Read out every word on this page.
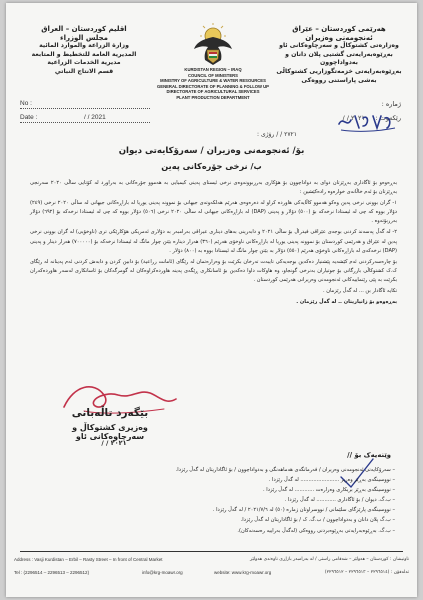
هەرێمی کوردستان – عێراق
ئەنجومەنی وەزیران
وەزارەتی کشتوکاڵ و سەرچاوەکانی ئاو
بەڕێوەبەرایەتی گشتیی پلان دانان و بەدواداچوون
بەڕێوەبەرایەتی خزمەتگوزاریی کشتوکاڵی
بەشی پاراستنی رووەکی
اقليم كوردستان – العراق
مجلس الوزراء
وزارة الزراعة والموارد المائية
المديرية العامة للتخطيط و المتابعة
مديرية الخدمات الزراعية
قسم الانتاج النباتي	KURDISTAN REGION – IRAQ
COUNCIL OF MINISTERS
MINISTRY OF AGRICULTURE & WATER RESOURCES
GENERAL DIRECTORATE OF PLANNING & FOLLOW UP
DIRECTORATE OF AGRICULTURAL SERVICES
PLANT PRODUCTION DEPARTMENT
No :
Date :	/ / 2021
ژمارە :
رێکەوت :
٢٠٢١ / /
٢٧٢١ / / رۆژی :
بۆ/ ئەنجومەنی وەزیران / سەرۆکایەتی دیوان
ب/ نرخی جۆرەکانی پەین

بەڕەوەو بۆ ئاگاداری بەڕێزتان دوای بە دواداچوون بۆ هۆکاری بەرزبوونەوەی نرخی ئیستای پەینی کیمیایی بە هەموو جۆرەکانی بە بەراورد لە کۆتایی ساڵی ٢٠٢٠ سەرنجی بەڕێزتان بۆ ئەم خاڵانەی خوارەوە رادەکێشین :

١- گران بوونی نرخی پەین وەکو هەموو کاڵایەکی هاوردە کراو لە دەرەوەی هەرێم هەلکەوتەی جیهانی بۆ نموونە پەینی یوریا لە بازاڕەکانی جیهانی لە ساڵی ٢٠٢٠ نرخی (٢٤٩) دۆلار بووە کە چی لە ئیستادا نرخەکە بۆ (٥٠٠) دۆلار و پەینی (DAP) لە بازاڕەکانی جیهانی لە ساڵی ٢٠٢٠ نرخی (٥٠٦) دۆلار بووە کە چی لە ئیستادا نرخەکە بۆ (٦٩٢) دۆلار بەرزبۆتەوە .

٢- لە گەڵ پەسەند کردنی بوجەی عێراقی فیدراڵ بۆ ساڵی ٢٠٢١ و دابەزینی بەهای دیناری عیراقی بەرامبەر بە دۆلاری ئەمریکی هۆکارێکی تری (ناوخۆیی) لە گران بوونی نرخی پەین لە عێراق و هەرێمی کوردستان بۆ نموونە پەینی یوریا لە بازاڕەکانی ناوخۆی هەرێم (٣٦٠) هەزار دینارە بێتن چوار مانگ لە ئیستادا نرخەکە بۆ (٧٠٠٠٠٠) هەزار دینار و پەینی (DAP) نرخەکەی لە بازاڕەکانی ناوخۆی هەرێم (٥٥٠) دۆلار بە بێتن چوار مانگ لە ئیستادا بووە بە (٨٠٠) دۆلار .

بۆ چارەسەرکردنی ئەم کێشەیە پێشنیار دەکەین بوجەیەکی تایبەت تەرخان بکرێت بۆ وەزارەتمان لە رێگای (ئامانت زراعیة) بۆ دابین کردن و دابەش کردنی ئەم پەینانە لە رێگای ک.ک کشتوکاڵی بازرگانی بۆ جوتیاران بەنرخی گونجاو، وە هاوکات داوا دەکەین بۆ ئاسانکاری ڕێگەی پەینە هاوردەکراوەکان لە گومرگەکان بۆ ئاسانکاری لەسەر هاوردەکەران بکرێت بە پێی رێنماییەکانی ئەنجومەنی وەزیرانی هەرێمی کوردستان .

تکایە ئاگادار بن ... لە گەڵ رێزمان .

بەڕەوەو بۆ زانیاریتان .. لە گەڵ رێزمان .

بێگەرد تاڵەبانی
وەزیری کشتوکاڵ و سەرچاوەکانی ئاو
٢٠٢١ / /
وێنەیەک بۆ //
– سەرۆکایەتی ئەنجومەنی وەزیران / فەرمانگەی هەماهەنگی و بەدواداچوون / بۆ ئاگاداریتان لە گەڵ رێزدا.
– نووسینگەی بەڕێز وەزیر ........................ لە گەڵ رێزدا .
– نووسینگەی بەڕێز بریکاری وەزارەت ............ لە گەڵ رێزدا .
– ب.گ. دیوان / بۆ ئاگاداری ............ لە گەڵ رێزدا .
– نووسینگەی پارێزگای سلێمانی / نووسراوتان ژمارە (٥٠) لە ٢٠٢١/٧/٦ / لە گەڵ رێزدا .
– ب.گ پلان دانان و بەدواداچوون / ب.گ. ک / بۆ ئاگاداریتان لە گەڵ رێزدا.
– ب.گ. بەڕێوەبەرایەتی بەڕێوەبردنی رووەکی (لەگەڵ بەراییە رەسەنەکان).
Address : Vasji Kurdistan – Erbil – Rasty Street – In front of Central Market	ناونیشان : کوردستان – هەولێر – شەقامی راستی / لە بەرامبەر بازاڕی ناوەندی هەولێر
Tel : (2296514 – 2296513 – 2296512)	info@krg-moawr.org	website: www.krg-moawr.org	تەلەفۆن : (٢٢٩٦٥١٤ – ٢٢٩٦٥١٣ – ٢٢٩٦٥١٢)
